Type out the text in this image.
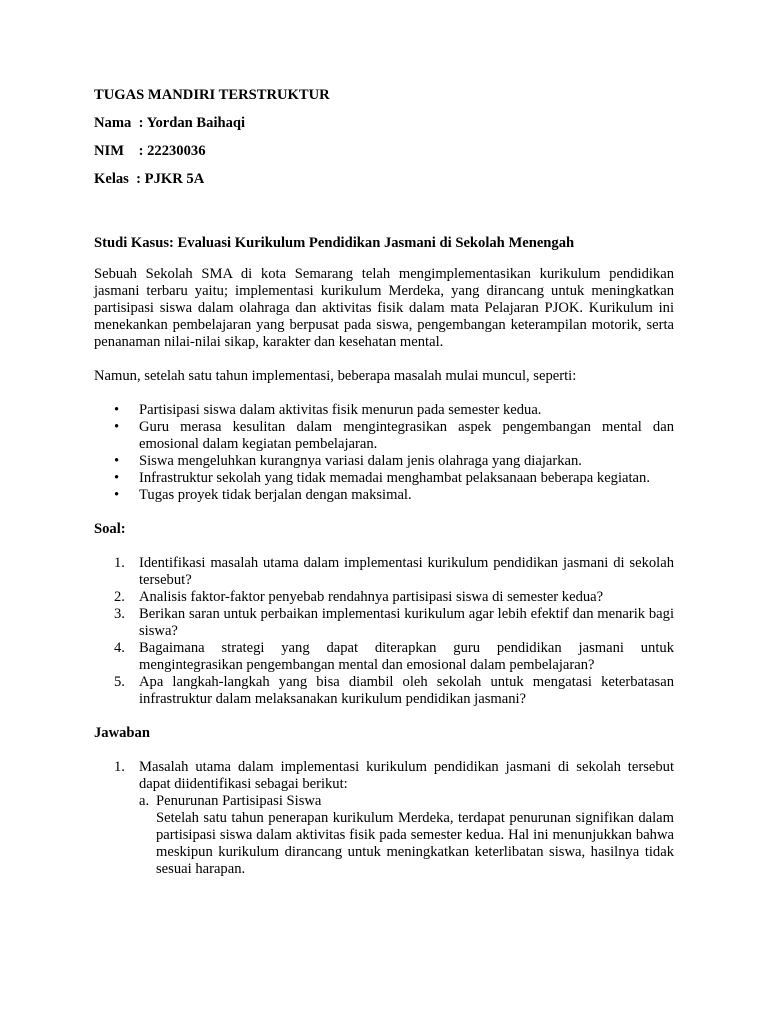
TUGAS MANDIRI TERSTRUKTUR
Nama  : Yordan Baihaqi
NIM    : 22230036
Kelas  : PJKR 5A

Studi Kasus: Evaluasi Kurikulum Pendidikan Jasmani di Sekolah Menengah

Sebuah Sekolah SMA di kota Semarang telah mengimplementasikan kurikulum pendidikan jasmani terbaru yaitu; implementasi kurikulum Merdeka, yang dirancang untuk meningkatkan partisipasi siswa dalam olahraga dan aktivitas fisik dalam mata Pelajaran PJOK. Kurikulum ini menekankan pembelajaran yang berpusat pada siswa, pengembangan keterampilan motorik, serta penanaman nilai-nilai sikap, karakter dan kesehatan mental.

Namun, setelah satu tahun implementasi, beberapa masalah mulai muncul, seperti:

• Partisipasi siswa dalam aktivitas fisik menurun pada semester kedua.
• Guru merasa kesulitan dalam mengintegrasikan aspek pengembangan mental dan emosional dalam kegiatan pembelajaran.
• Siswa mengeluhkan kurangnya variasi dalam jenis olahraga yang diajarkan.
• Infrastruktur sekolah yang tidak memadai menghambat pelaksanaan beberapa kegiatan.
• Tugas proyek tidak berjalan dengan maksimal.

Soal:

1. Identifikasi masalah utama dalam implementasi kurikulum pendidikan jasmani di sekolah tersebut?
2. Analisis faktor-faktor penyebab rendahnya partisipasi siswa di semester kedua?
3. Berikan saran untuk perbaikan implementasi kurikulum agar lebih efektif dan menarik bagi siswa?
4. Bagaimana strategi yang dapat diterapkan guru pendidikan jasmani untuk mengintegrasikan pengembangan mental dan emosional dalam pembelajaran?
5. Apa langkah-langkah yang bisa diambil oleh sekolah untuk mengatasi keterbatasan infrastruktur dalam melaksanakan kurikulum pendidikan jasmani?

Jawaban

1. Masalah utama dalam implementasi kurikulum pendidikan jasmani di sekolah tersebut dapat diidentifikasi sebagai berikut:
a. Penurunan Partisipasi Siswa
Setelah satu tahun penerapan kurikulum Merdeka, terdapat penurunan signifikan dalam partisipasi siswa dalam aktivitas fisik pada semester kedua. Hal ini menunjukkan bahwa meskipun kurikulum dirancang untuk meningkatkan keterlibatan siswa, hasilnya tidak sesuai harapan.
